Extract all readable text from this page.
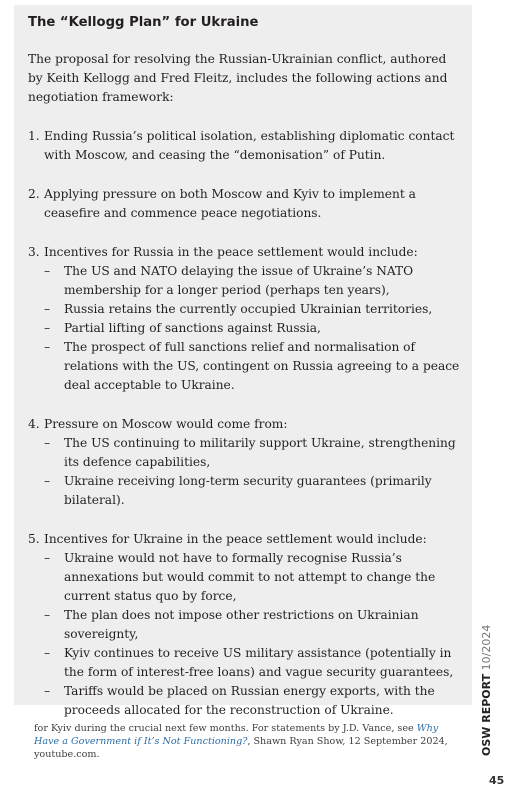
The “Kellogg Plan” for Ukraine
The proposal for resolving the Russian-Ukrainian conflict, authored by Keith Kellogg and Fred Fleitz, includes the following actions and negotiation framework:
1. Ending Russia’s political isolation, establishing diplomatic contact with Moscow, and ceasing the “demonisation” of Putin.
2. Applying pressure on both Moscow and Kyiv to implement a ceasefire and commence peace negotiations.
3. Incentives for Russia in the peace settlement would include:
–	The US and NATO delaying the issue of Ukraine’s NATO membership for a longer period (perhaps ten years),
–	Russia retains the currently occupied Ukrainian territories,
–	Partial lifting of sanctions against Russia,
–	The prospect of full sanctions relief and normalisation of relations with the US, contingent on Russia agreeing to a peace deal acceptable to Ukraine.
4. Pressure on Moscow would come from:
–	The US continuing to militarily support Ukraine, strengthening its defence capabilities,
–	Ukraine receiving long-term security guarantees (primarily bilateral).
5. Incentives for Ukraine in the peace settlement would include:
–	Ukraine would not have to formally recognise Russia’s annexations but would commit to not attempt to change the current status quo by force,
–	The plan does not impose other restrictions on Ukrainian sovereignty,
–	Kyiv continues to receive US military assistance (potentially in the form of interest-free loans) and vague security guarantees,
–	Tariffs would be placed on Russian energy exports, with the proceeds allocated for the reconstruction of Ukraine.
for Kyiv during the crucial next few months. For statements by J.D. Vance, see Why Have a Government if It’s Not Functioning?, Shawn Ryan Show, 12 September 2024, youtube.com.	OSW REPORT 10/2024
45
